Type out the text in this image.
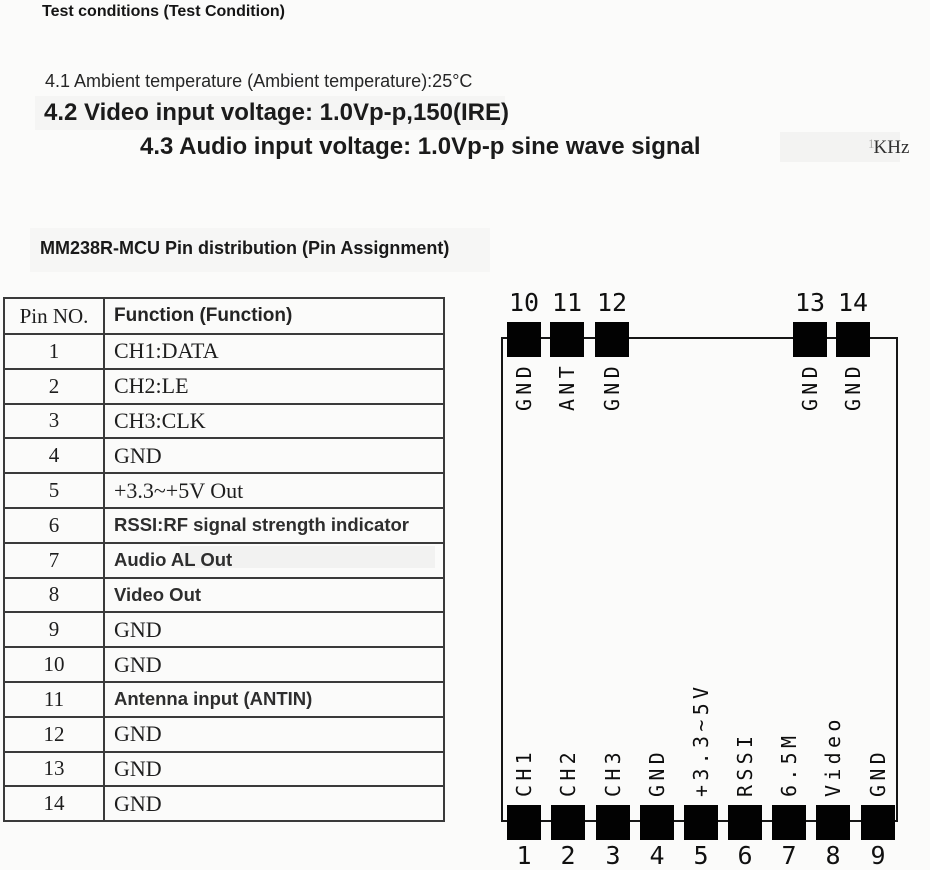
Test conditions (Test Condition)
4.1 Ambient temperature (Ambient temperature):25°C
4.2 Video input voltage: 1.0Vp-p,150(IRE)
4.3 Audio input voltage: 1.0Vp-p sine wave signal	$^1$KHz
MM238R-MCU Pin distribution (Pin Assignment)
Pin NO.	Function (Function)
1	CH1:DATA
2	CH2:LE
3	CH3:CLK
4	GND
5	+3.3~+5V Out
6	RSSI:RF signal strength indicator
7	Audio AL Out
8	Video Out
9	GND
10	GND
11	Antenna input (ANTIN)
12	GND
13	GND
14	GND
10
GND
11
ANT
12
GND
13
GND
14
GND
CH1
1
CH2
2
CH3
3
GND
4
+3.3~5V
5
RSSI
6
6.5M
7
Video
8
GND
9
